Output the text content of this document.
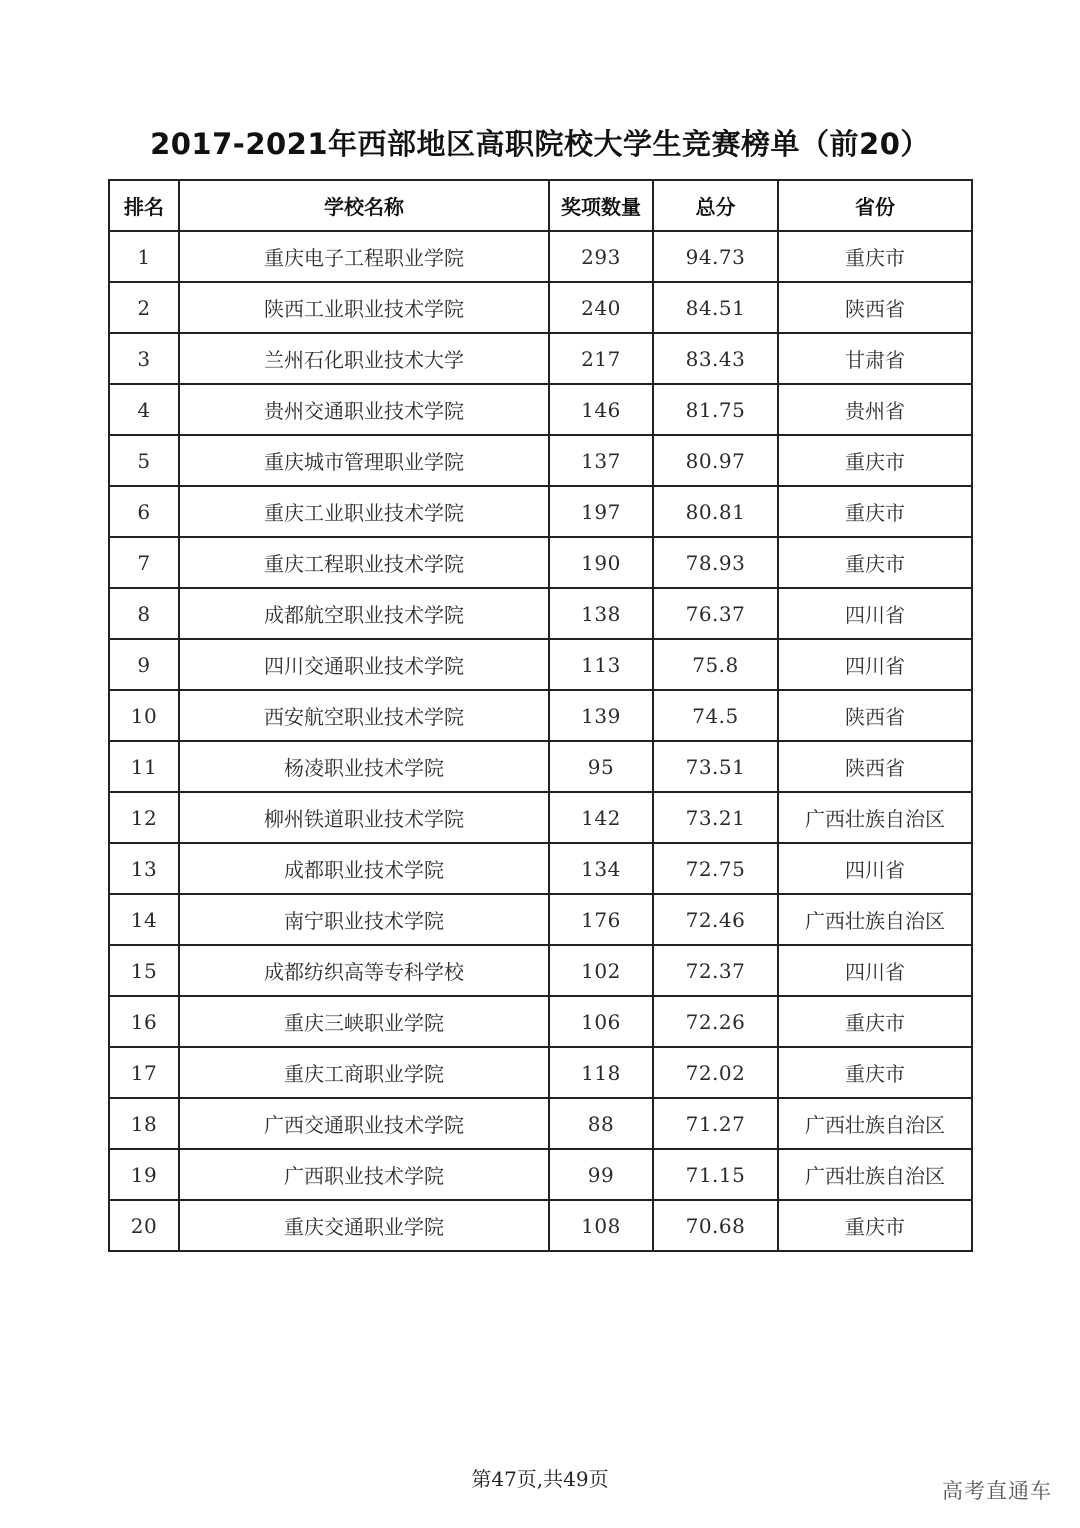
2017-2021年西部地区高职院校大学生竞赛榜单（前20）
排名	学校名称	奖项数量	总分	省份
1	重庆电子工程职业学院	293	94.73	重庆市
2	陕西工业职业技术学院	240	84.51	陕西省
3	兰州石化职业技术大学	217	83.43	甘肃省
4	贵州交通职业技术学院	146	81.75	贵州省
5	重庆城市管理职业学院	137	80.97	重庆市
6	重庆工业职业技术学院	197	80.81	重庆市
7	重庆工程职业技术学院	190	78.93	重庆市
8	成都航空职业技术学院	138	76.37	四川省
9	四川交通职业技术学院	113	75.8	四川省
10	西安航空职业技术学院	139	74.5	陕西省
11	杨凌职业技术学院	95	73.51	陕西省
12	柳州铁道职业技术学院	142	73.21	广西壮族自治区
13	成都职业技术学院	134	72.75	四川省
14	南宁职业技术学院	176	72.46	广西壮族自治区
15	成都纺织高等专科学校	102	72.37	四川省
16	重庆三峡职业学院	106	72.26	重庆市
17	重庆工商职业学院	118	72.02	重庆市
18	广西交通职业技术学院	88	71.27	广西壮族自治区
19	广西职业技术学院	99	71.15	广西壮族自治区
20	重庆交通职业学院	108	70.68	重庆市
第47页,共49页	高考直通车
